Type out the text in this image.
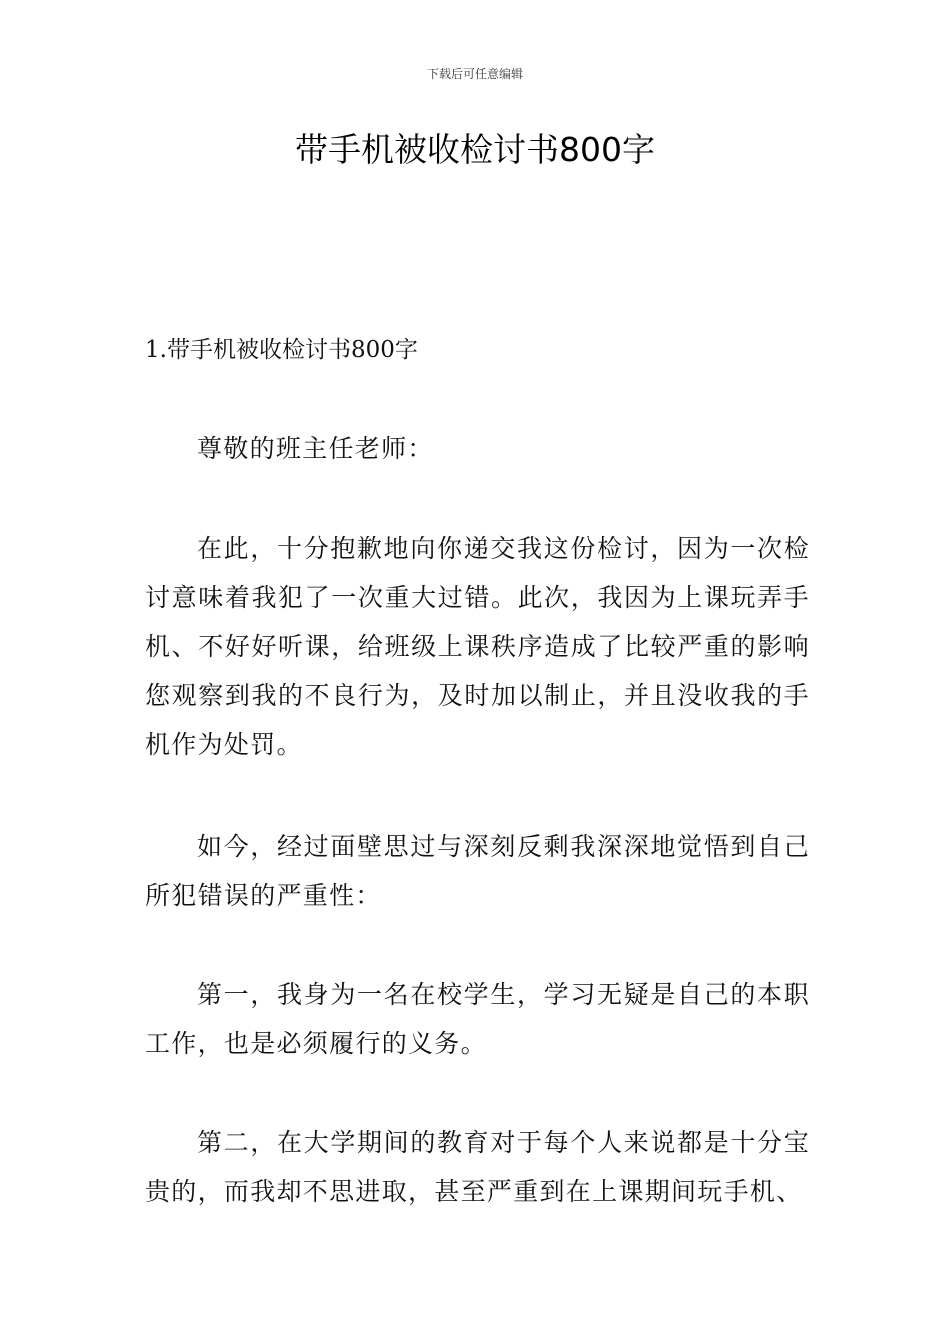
下载后可任意编辑
带手机被收检讨书800字
1.带手机被收检讨书800字

尊敬的班主任老师：

在此，十分抱歉地向你递交我这份检讨，因为一次检讨意味着我犯了一次重大过错。此次，我因为上课玩弄手机、不好好听课，给班级上课秩序造成了比较严重的影响您观察到我的不良行为，及时加以制止，并且没收我的手机作为处罚。

如今，经过面壁思过与深刻反剩我深深地觉悟到自己所犯错误的严重性：

第一，我身为一名在校学生，学习无疑是自己的本职工作，也是必须履行的义务。

第二，在大学期间的教育对于每个人来说都是十分宝贵的，而我却不思进取，甚至严重到在上课期间玩手机、
